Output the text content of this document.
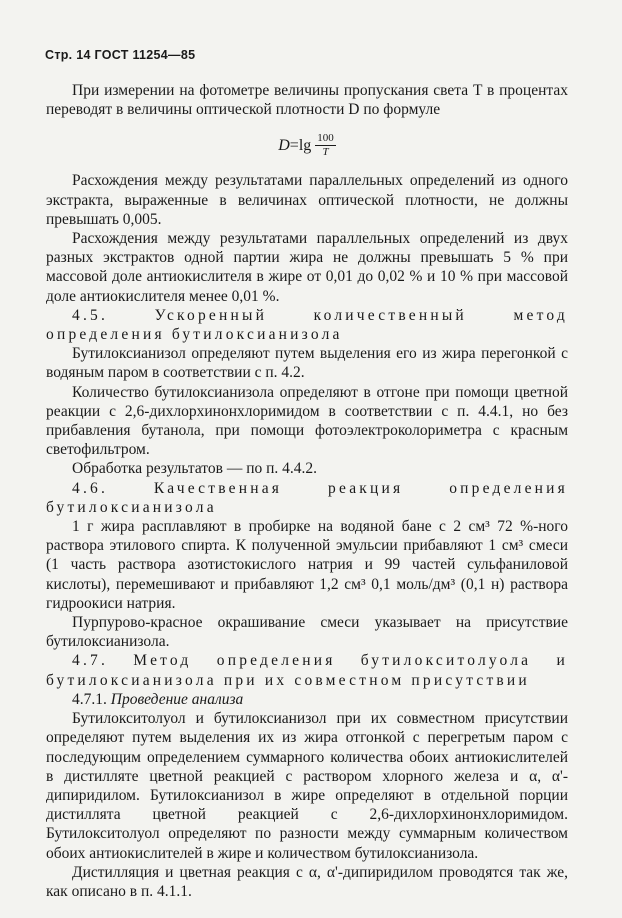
Стр. 14 ГОСТ 11254—85

При измерении на фотометре величины пропускания света T в процентах переводят в величины оптической плотности D по формуле

$D =\lg \frac{100}{T}$

Расхождения между результатами параллельных определений из одного экстракта, выраженные в величинах оптической плотности, не должны превышать 0,005.

Расхождения между результатами параллельных определений из двух разных экстрактов одной партии жира не должны превышать 5 % при массовой доле антиокислителя в жире от 0,01 до 0,02 % и 10 % при массовой доле антиокислителя менее 0,01 %.

4.5. Ускоренный количественный метод определения бутилоксианизола

Бутилоксианизол определяют путем выделения его из жира перегонкой с водяным паром в соответствии с п. 4.2.

Количество бутилоксианизола определяют в отгоне при помощи цветной реакции с 2,6-дихлорхинонхлоримидом в соответствии с п. 4.4.1, но без прибавления бутанола, при помощи фотоэлектроколориметра с красным светофильтром.

Обработка результатов — по п. 4.4.2.

4.6. Качественная реакция определения бутилоксианизола

1 г жира расплавляют в пробирке на водяной бане с 2 см³ 72 %-ного раствора этилового спирта. К полученной эмульсии прибавляют 1 см³ смеси (1 часть раствора азотистокислого натрия и 99 частей сульфаниловой кислоты), перемешивают и прибавляют 1,2 см³ 0,1 моль/дм³ (0,1 н) раствора гидроокиси натрия.

Пурпурово-красное окрашивание смеси указывает на присутствие бутилоксианизола.

4.7. Метод определения бутилокситолуола и бутилоксианизола при их совместном присутствии

4.7.1. Проведение анализа

Бутилокситолуол и бутилоксианизол при их совместном присутствии определяют путем выделения их из жира отгонкой с перегретым паром с последующим определением суммарного количества обоих антиокислителей в дистилляте цветной реакцией с раствором хлорного железа и α, α'-дипиридилом. Бутилоксианизол в жире определяют в отдельной порции дистиллята цветной реакцией с 2,6-дихлорхинонхлоримидом. Бутилокситолуол определяют по разности между суммарным количеством обоих антиокислителей в жире и количеством бутилоксианизола.

Дистилляция и цветная реакция с α, α'-дипиридилом проводятся так же, как описано в п. 4.1.1.
